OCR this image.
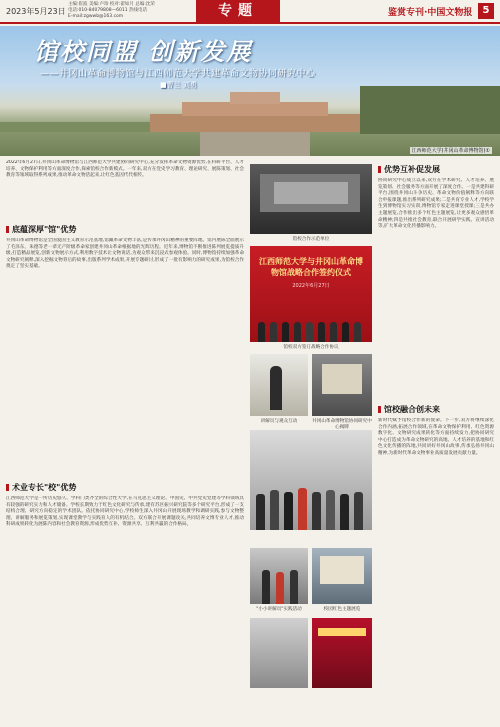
2023年5月23日
主编:崔波 美编:卢珍 校对:翟如月 总编:沈荣
电话:010-84079808—6011 热线电话
E-mail:zgwwb@163.com	专题	鉴赏专刊·中国文物报	5
馆校同盟 创新发展
——井冈山革命博物馆与江西师范大学共建革命文物协同研究中心
■曹兰 刘勇
江西师范大学(井冈山革命博物馆)①
2022年6月27日,井冈山革命博物馆与江西师范大学共建协同研究中心,充分发挥革命文物资源优势,在科研平台、人才培养、文物保护利用等方面深度合作,探索馆校合作新模式。一年来,双方在党史学习教育、理论研究、展陈策划、社会教育等领域取得系列成果,推动革命文物活起来,让红色基因代代相传。
底蕴深厚"馆"优势
井冈山革命博物馆是全国爱国主义教育示范基地,馆藏革命文物丰富,是传承井冈山精神的重要阵地。馆内展陈全面展示了毛泽东、朱德等老一辈无产阶级革命家创建井冈山革命根据地的光辉历程。近年来,博物馆不断推进陈列展览提质升级,打造精品展览,创新文物展示方式,利用数字技术让文物说话,为观众带来沉浸式参观体验。同时,博物馆持续加强革命文物研究阐释,深入挖掘文物背后的故事,出版系列学术成果,开展专题研讨,形成了一批有影响力的研究成果,为馆校合作奠定了坚实基础。
术业专长"校"优势
江西师范大学是一所历史悠久、学科门类齐全的综合性大学,在马克思主义理论、中国史、中共党史党建等学科领域具有较强的研究实力和人才储备。学校长期致力于红色文化研究与传承,建有苏区振兴研究院等多个研究平台,形成了一支结构合理、研究方向稳定的学术团队。依托协同研究中心,学校师生深入井冈山开展现场教学和调研实践,参与文物整理、讲解服务和展览策划,实现课堂教学与实践育人的有机结合。双方联合开展课题攻关,共同培养文博专业人才,推动科研成果转化为展陈内容和社会教育资源,形成优势互补、资源共享、互利共赢的合作格局。
馆校合作示范单位
江西师范大学与井冈山革命博物馆战略合作签约仪式
2022年6月27日
馆校双方签订战略合作协议
讲解员与观众互动	井冈山革命博物馆协同研究中心揭牌
"小小讲解员"实践活动	校园红色主题展览
优势互补促发展
协同研究中心成立以来,双方在学术研究、人才培养、展览策划、社会服务等方面开展了深度合作。一是共建科研平台,围绕井冈山斗争历史、革命文物价值阐释等方向联合申报课题,推出系列研究成果;二是共育专业人才,学校学生到博物馆实习实训,博物馆专家走进课堂授课;三是共办主题展览,合作推出多个红色主题展览,让更多观众感悟革命精神;四是共推社会教育,联合开展研学实践、宣讲活动等,扩大革命文化传播影响力。
馆校融合创未来
新时代赋予馆校合作新的使命。下一步,双方将继续深化合作内涵,拓展合作领域,在革命文物保护利用、红色资源数字化、文物研究成果转化等方面持续发力,把协同研究中心打造成为革命文物研究的高地、人才培养的基地和红色文化传播的阵地,共同讲好井冈山故事,传承弘扬井冈山精神,为新时代革命文物事业高质量发展贡献力量。
